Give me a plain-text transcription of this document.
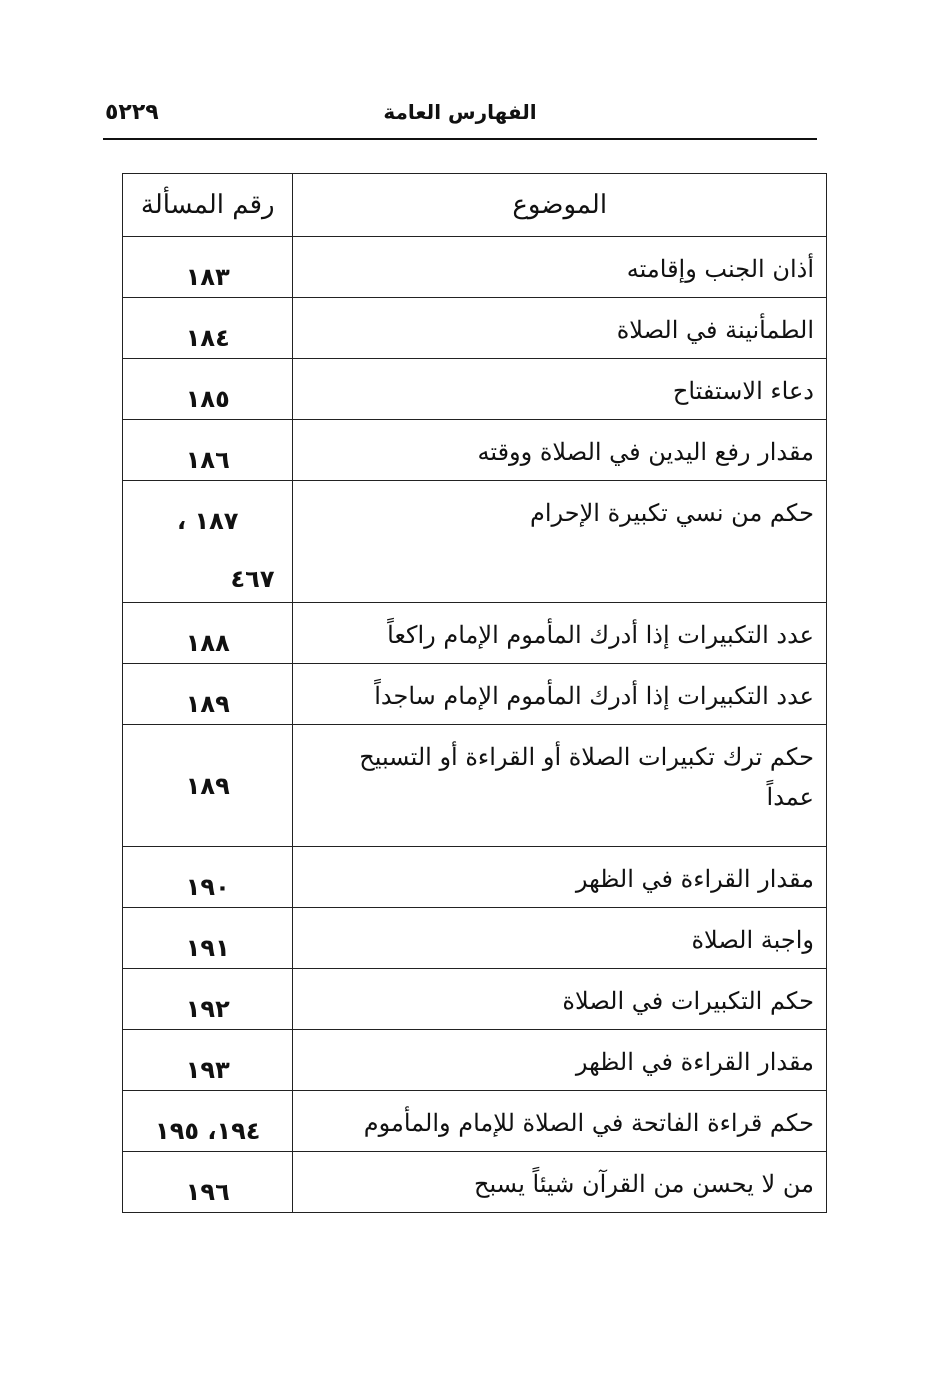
٥٢٢٩	الفهارس العامة
الموضوع	رقم المسألة
أذان الجنب وإقامته	١٨٣
الطمأنينة في الصلاة	١٨٤
دعاء الاستفتاح	١٨٥
مقدار رفع اليدين في الصلاة ووقته	١٨٦
حكم من نسي تكبيرة الإحرام	١٨٧ ،
٤٦٧

عدد التكبيرات إذا أدرك المأموم الإمام راكعاً	١٨٨
عدد التكبيرات إذا أدرك المأموم الإمام ساجداً	١٨٩
حكم ترك تكبيرات الصلاة أو القراءة أو التسبيح عمداً	١٨٩
مقدار القراءة في الظهر	١٩٠
واجبة الصلاة	١٩١
حكم التكبيرات في الصلاة	١٩٢
مقدار القراءة في الظهر	١٩٣
حكم قراءة الفاتحة في الصلاة للإمام والمأموم	١٩٤، ١٩٥
من لا يحسن من القرآن شيئاً يسبح	١٩٦
